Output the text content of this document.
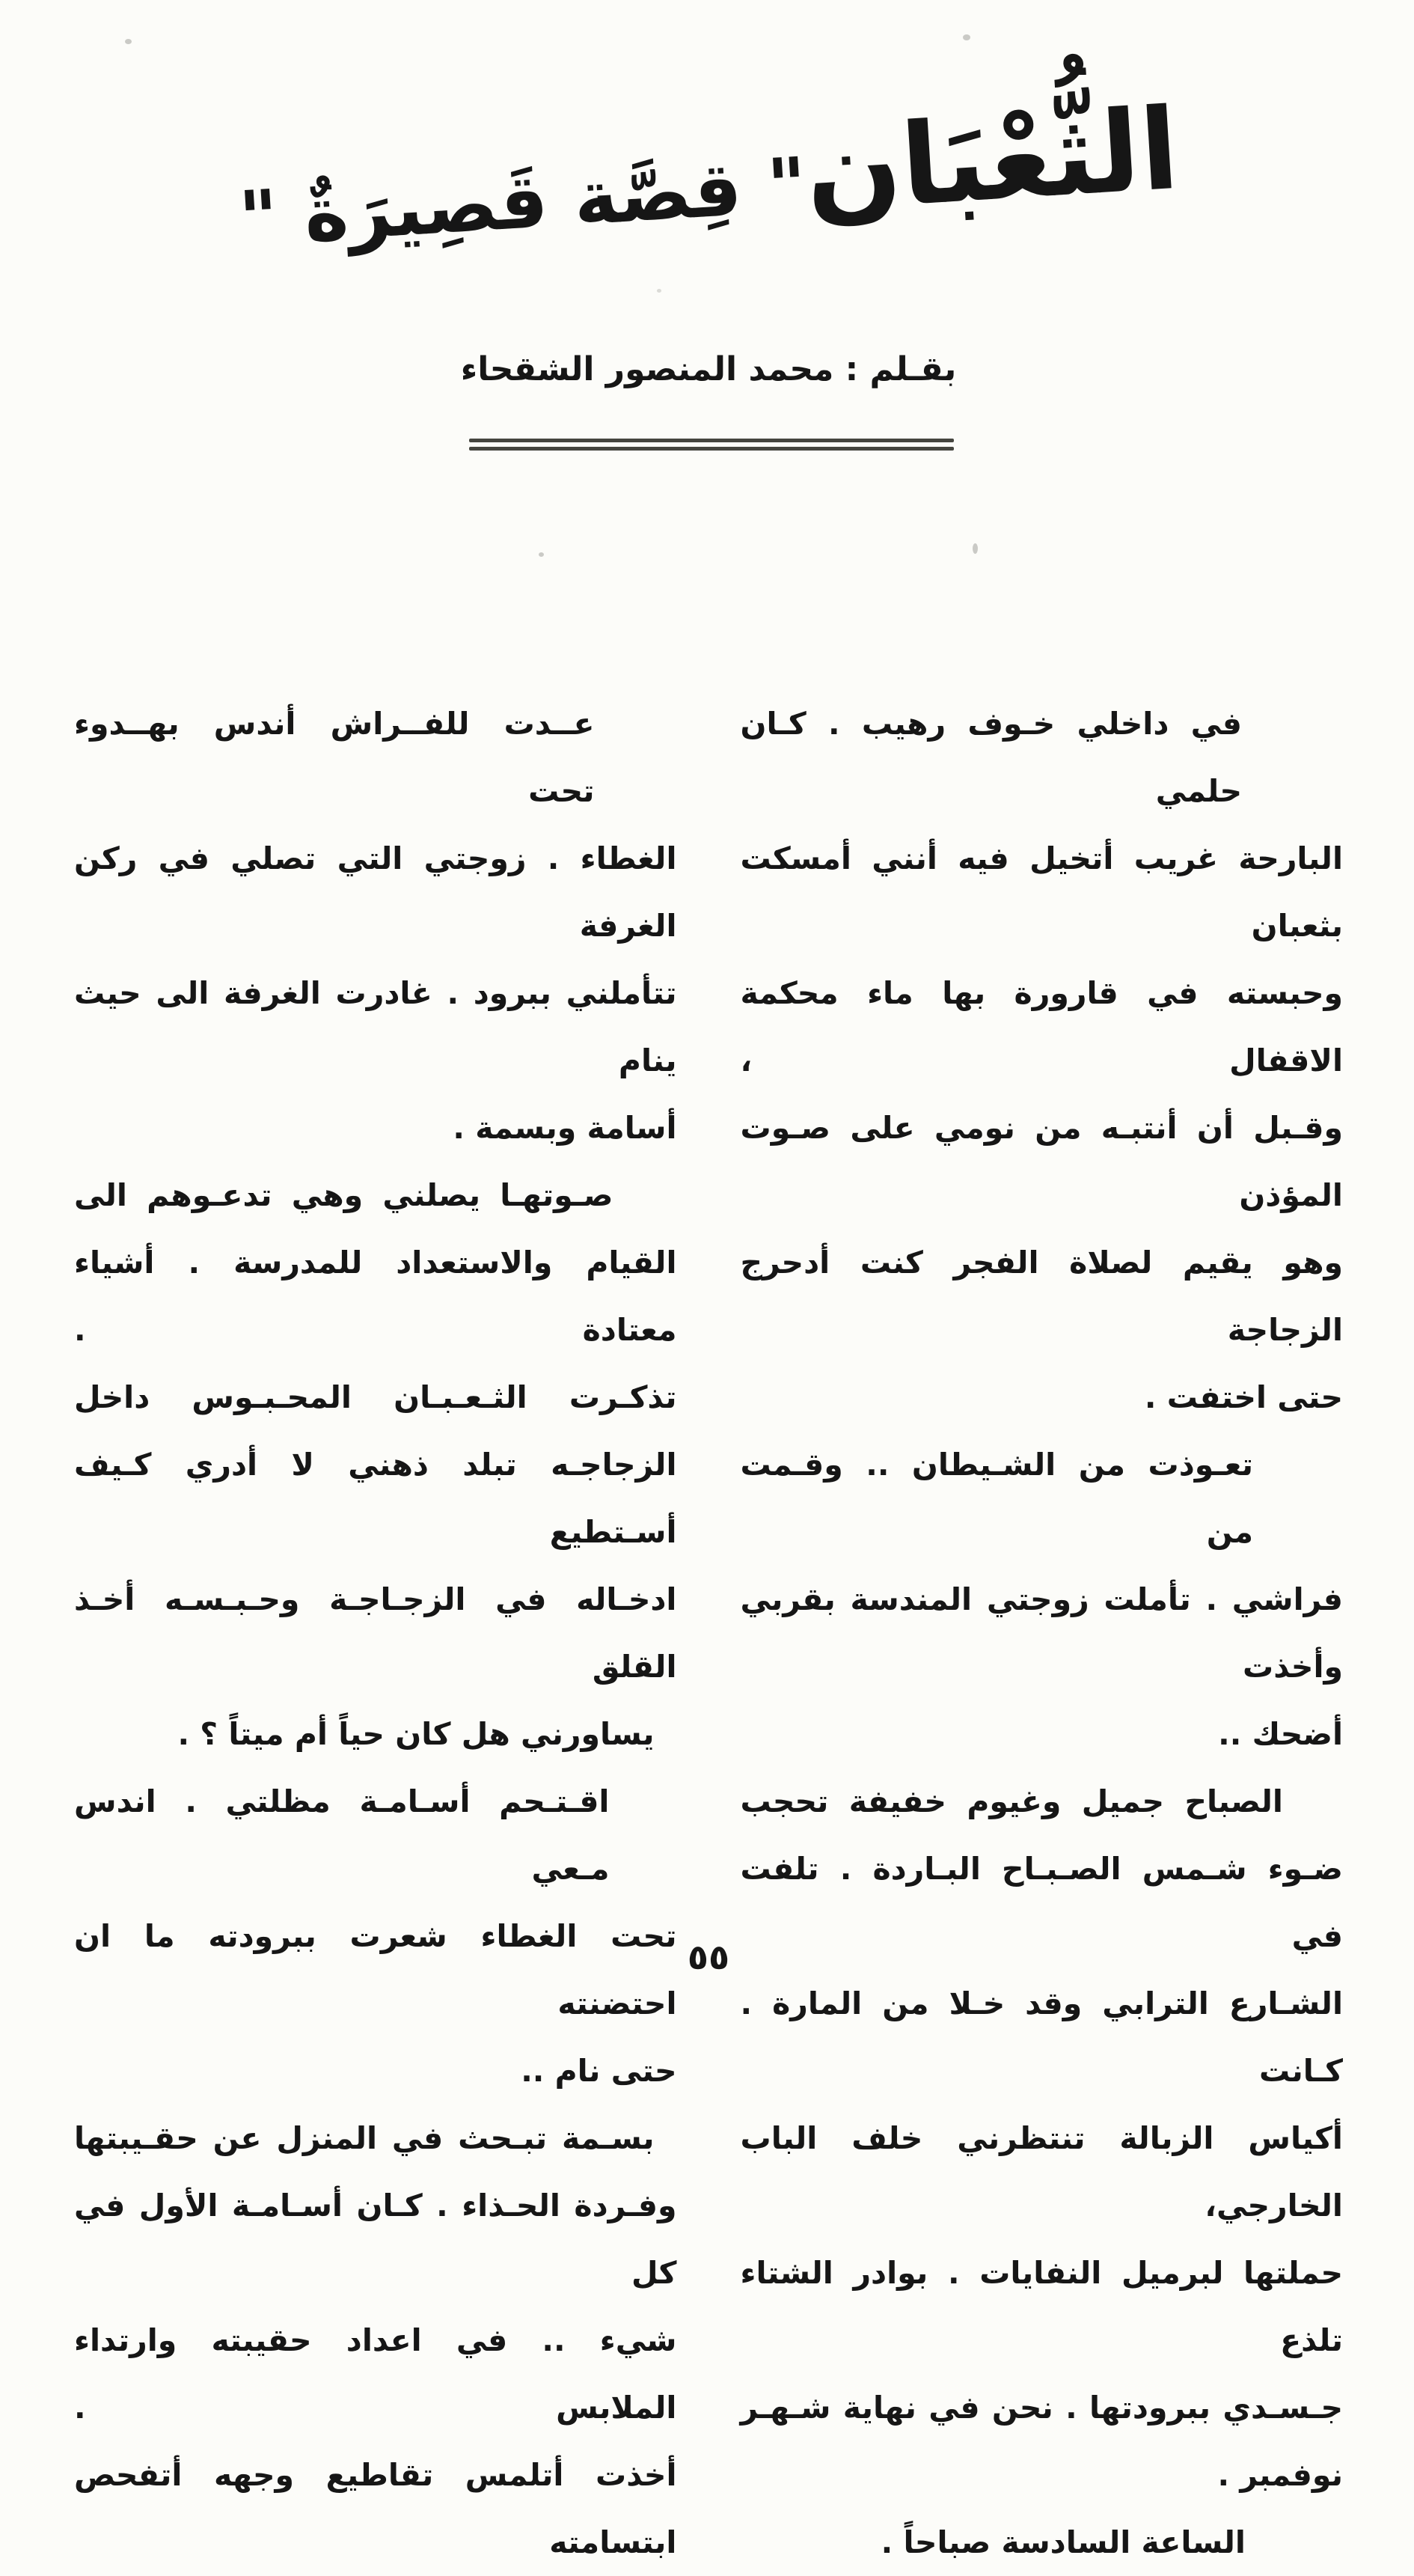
الثُّعْبَان" قِصَّة قَصِيرَةٌ "
بقـلم : محمد المنصور الشقحاء
في داخلي خـوف رهيب . كـان حلمي
البارحة غريب أتخيل فيه أنني أمسكت بثعبان
وحبسته في قارورة بها ماء محكمة الاقفال ،
وقـبل أن أنتبـه من نومي على صـوت المؤذن
وهو يقيم لصلاة الفجر كنت أدحرج الزجاجة
حتى اختفت .
تعـوذت من الشـيطان .. وقـمت من
فراشي . تأملت زوجتي المندسة بقربي وأخذت
أضحك ..
الصباح جميل وغيوم خفيفة تحجب
ضـوء شـمس الصـبـاح البـاردة . تلفت في
الشـارع الترابي وقد خـلا من المارة . كـانت
أكياس الزبالة تنتظرني خلف الباب الخارجي،
حملتها لبرميل النفايات . بوادر الشتاء تلذع
جـسـدي ببرودتها . نحن في نهاية شـهـر
نوفمبر .
الساعة السادسة صباحاً .
عــدت للفــراش أندس بهــدوء تحت
الغطاء . زوجتي التي تصلي في ركن الغرفة
تتأملني ببرود . غادرت الغرفة الى حيث ينام
أسامة وبسمة .
صـوتهـا يصلني وهي تدعـوهم الى
القيام والاستعداد للمدرسة . أشياء معتادة .
تذكـرت الثـعـبـان المحـبـوس داخل
الزجاجـه تبلد ذهني لا أدري كـيف أسـتطيع
ادخـاله في الزجـاجـة وحـبـسـه أخـذ القلق
يساورني هل كان حياً أم ميتاً ؟ .
اقـتـحم أسـامـة مظلتي . اندس مـعي
تحت الغطاء شعرت ببرودته ما ان احتضنته
حتى نام ..
بسـمة تبـحث في المنزل عن حقـيبتها
وفـردة الحـذاء . كـان أسـامـة الأول في كل
شيء .. في اعداد حقيبته وارتداء الملابس .
أخذت أتلمس تقاطيع وجهه أتفحص ابتسامته
٥٥
